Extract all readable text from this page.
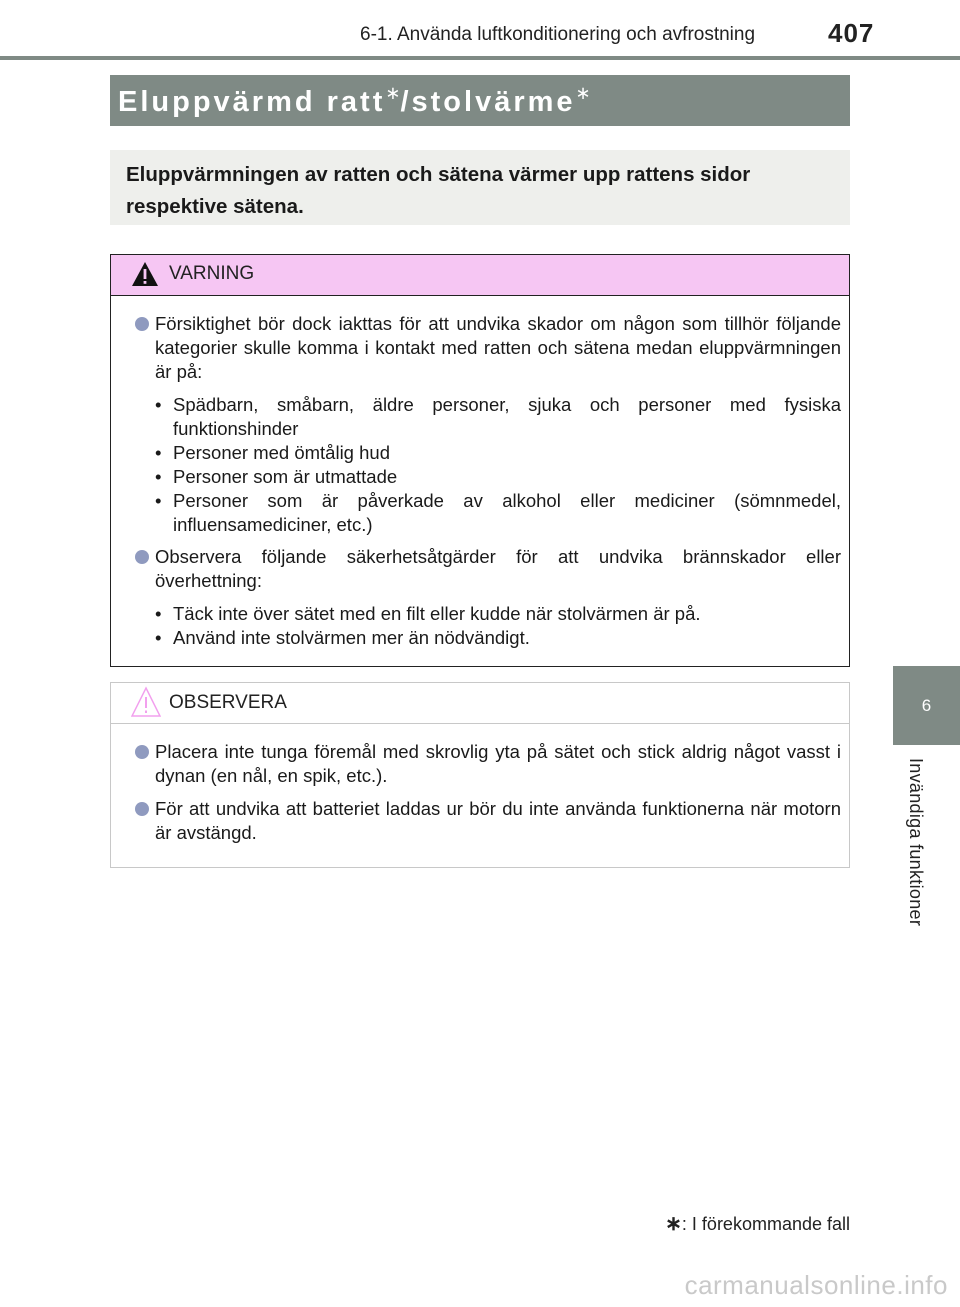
6-1. Använda luftkonditionering och avfrostning	407
Eluppvärmd ratt∗/stolvärme∗
Eluppvärmningen av ratten och sätena värmer upp rattens sidor respektive sätena.
VARNING
Försiktighet bör dock iakttas för att undvika skador om någon som tillhör följande kategorier skulle komma i kontakt med ratten och sätena medan eluppvärmningen är på:
• Spädbarn, småbarn, äldre personer, sjuka och personer med fysiska funktionshinder
• Personer med ömtålig hud
• Personer som är utmattade
• Personer som är påverkade av alkohol eller mediciner (sömnmedel, influensamediciner, etc.)
Observera följande säkerhetsåtgärder för att undvika brännskador eller överhettning:
• Täck inte över sätet med en filt eller kudde när stolvärmen är på.
• Använd inte stolvärmen mer än nödvändigt.
OBSERVERA
Placera inte tunga föremål med skrovlig yta på sätet och stick aldrig något vasst i dynan (en nål, en spik, etc.).
För att undvika att batteriet laddas ur bör du inte använda funktionerna när motorn är avstängd.
∗: I förekommande fall
6
Invändiga funktioner
carmanualsonline.info
